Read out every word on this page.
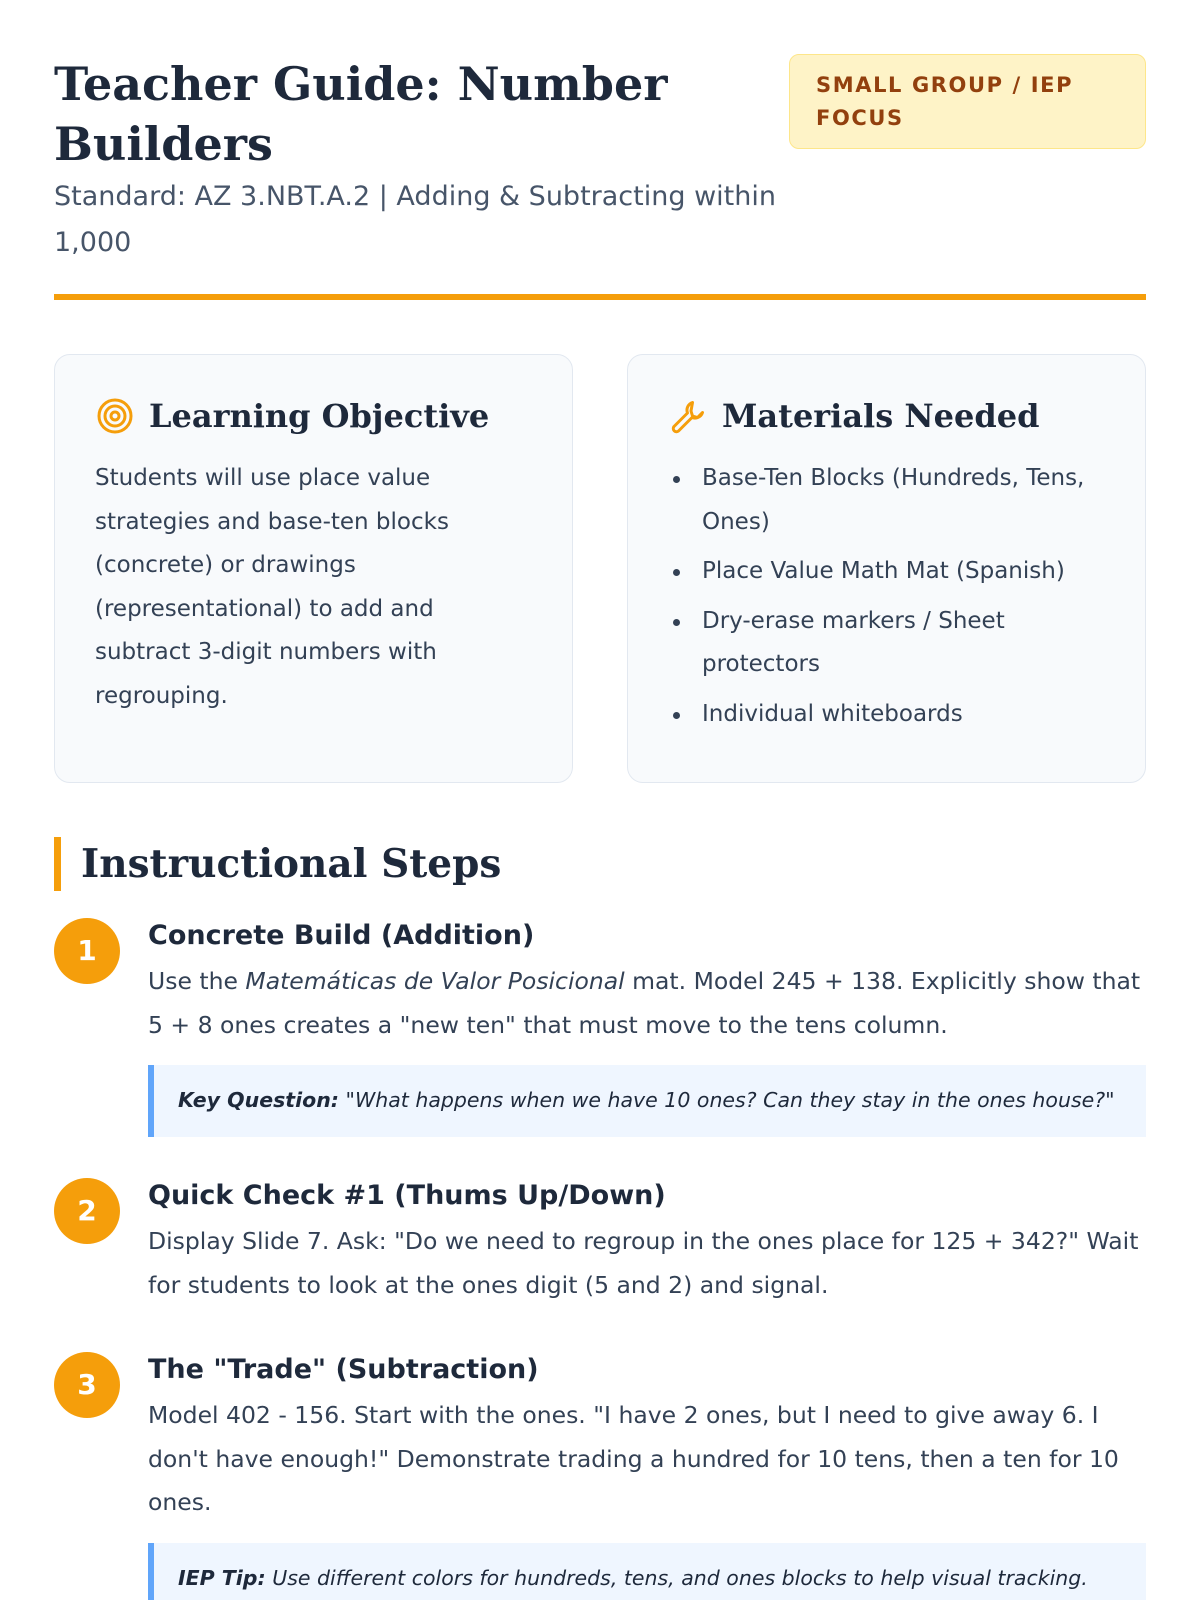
Teacher Guide: Number Builders
SMALL GROUP / IEP FOCUS
Standard: AZ 3.NBT.A.2 | Adding & Subtracting within 1,000
Learning Objective

Students will use place value strategies and base-ten blocks (concrete) or drawings (representational) to add and subtract 3-digit numbers with regrouping.

Materials Needed
Base-Ten Blocks (Hundreds, Tens, Ones)
Place Value Math Mat (Spanish)
Dry-erase markers / Sheet protectors
Individual whiteboards
Instructional Steps
1	Concrete Build (Addition)

Use the Matemáticas de Valor Posicional mat. Model 245 + 138. Explicitly show that 5 + 8 ones creates a "new ten" that must move to the tens column.

Key Question: "What happens when we have 10 ones? Can they stay in the ones house?"
2	Quick Check #1 (Thums Up/Down)

Display Slide 7. Ask: "Do we need to regroup in the ones place for 125 + 342?" Wait for students to look at the ones digit (5 and 2) and signal.

3	The "Trade" (Subtraction)

Model 402 - 156. Start with the ones. "I have 2 ones, but I need to give away 6. I don't have enough!" Demonstrate trading a hundred for 10 tens, then a ten for 10 ones.

IEP Tip: Use different colors for hundreds, tens, and ones blocks to help visual tracking.
